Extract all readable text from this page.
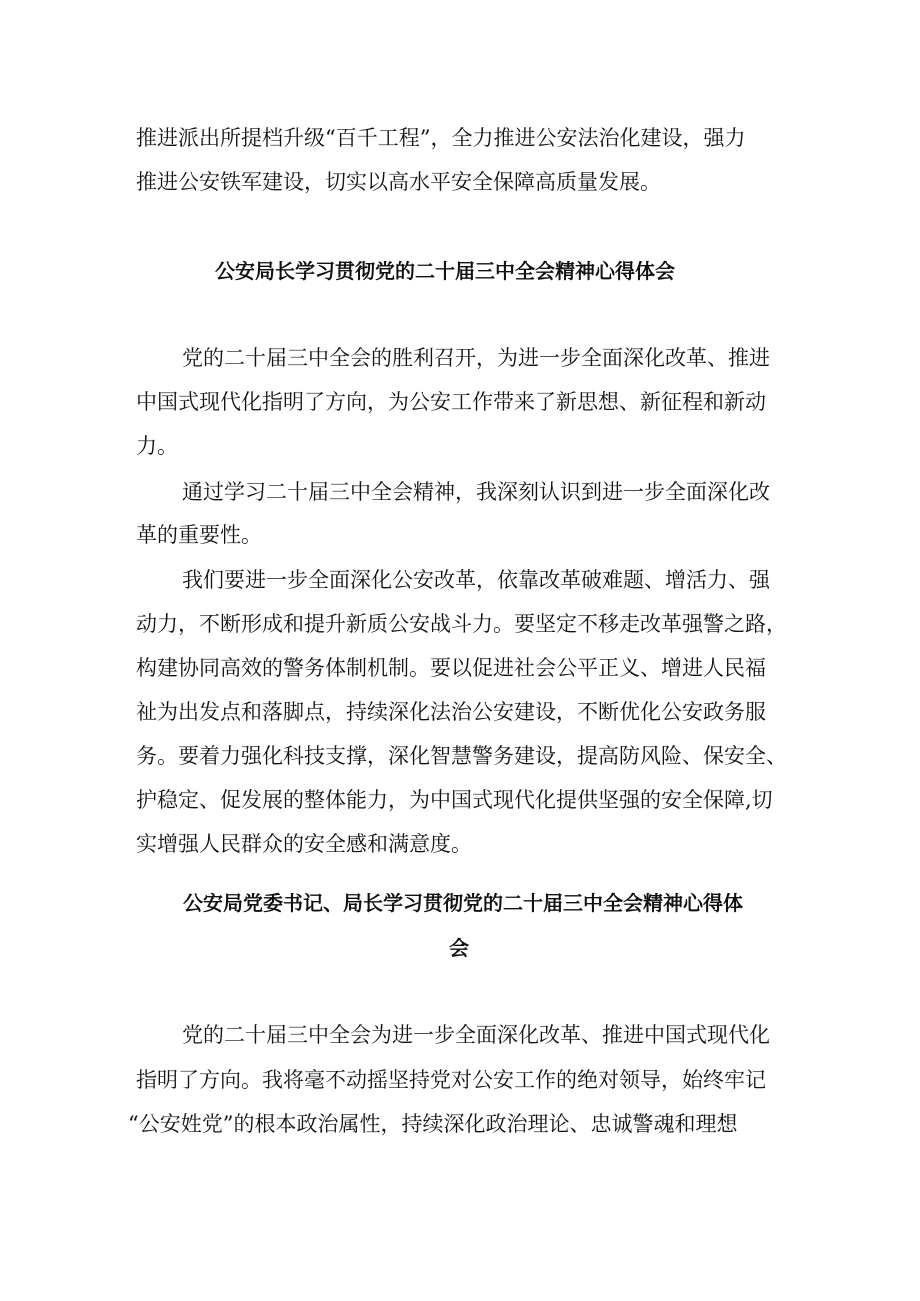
推进派出所提档升级“百千工程”，全力推进公安法治化建设，强力
推进公安铁军建设，切实以高水平安全保障高质量发展。
公安局长学习贯彻党的二十届三中全会精神心得体会
党的二十届三中全会的胜利召开，为进一步全面深化改革、推进
中国式现代化指明了方向，为公安工作带来了新思想、新征程和新动
力。
通过学习二十届三中全会精神，我深刻认识到进一步全面深化改
革的重要性。
我们要进一步全面深化公安改革，依靠改革破难题、增活力、强
动力，不断形成和提升新质公安战斗力。要坚定不移走改革强警之路，
构建协同高效的警务体制机制。要以促进社会公平正义、增进人民福
祉为出发点和落脚点，持续深化法治公安建设，不断优化公安政务服
务。要着力强化科技支撑，深化智慧警务建设，提高防风险、保安全、
护稳定、促发展的整体能力，为中国式现代化提供坚强的安全保障,切
实增强人民群众的安全感和满意度。
公安局党委书记、局长学习贯彻党的二十届三中全会精神心得体
会
党的二十届三中全会为进一步全面深化改革、推进中国式现代化
指明了方向。我将毫不动摇坚持党对公安工作的绝对领导，始终牢记
“公安姓党”的根本政治属性，持续深化政治理论、忠诚警魂和理想
